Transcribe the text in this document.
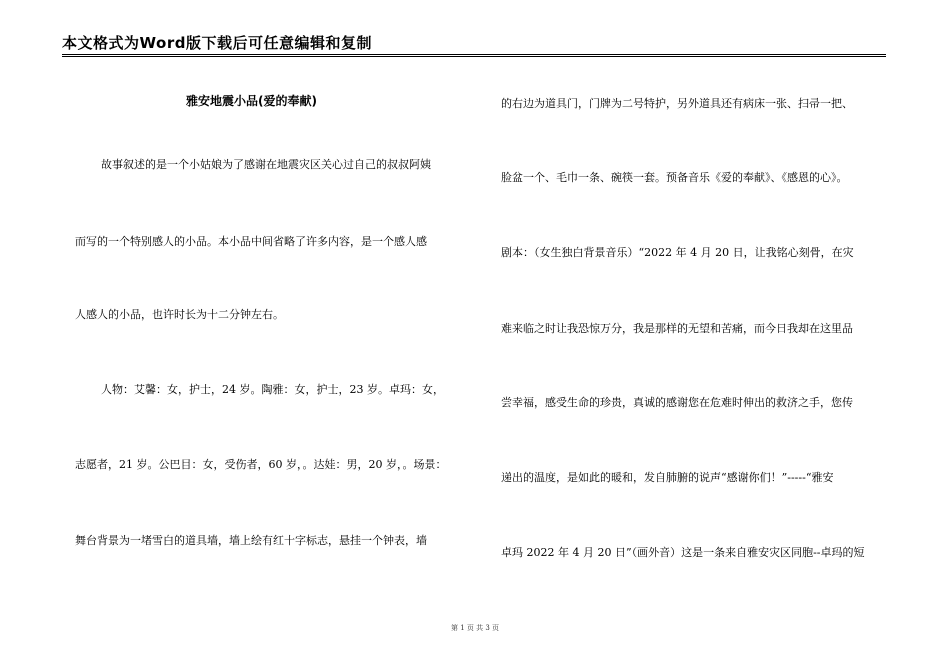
本文格式为Word版下载后可任意编辑和复制
雅安地震小品(爱的奉献)
故事叙述的是一个小姑娘为了感谢在地震灾区关心过自己的叔叔阿姨
而写的一个特别感人的小品。本小品中间省略了许多内容，是一个感人感
人感人的小品，也许时长为十二分钟左右。
人物：艾馨：女，护士，24 岁。陶雅：女，护士，23 岁。卓玛：女，
志愿者，21 岁。公巴目：女，受伤者，60 岁，。达娃：男，20 岁，。场景：
舞台背景为一堵雪白的道具墙，墙上绘有红十字标志，悬挂一个钟表，墙
的右边为道具门，门牌为二号特护，另外道具还有病床一张、扫帚一把、
脸盆一个、毛巾一条、碗筷一套。预备音乐《爱的奉献》、《感恩的心》。
剧本：（女生独白背景音乐）“2022 年 4 月 20 日，让我铭心刻骨，在灾
难来临之时让我恐惊万分，我是那样的无望和苦痛，而今日我却在这里品
尝幸福，感受生命的珍贵，真诚的感谢您在危难时伸出的救济之手，您传
递出的温度，是如此的暖和，发自肺腑的说声“感谢你们！”-----“雅安
卓玛 2022 年 4 月 20 日”（画外音）这是一条来自雅安灾区同胞--卓玛的短
第 1 页 共 3 页
